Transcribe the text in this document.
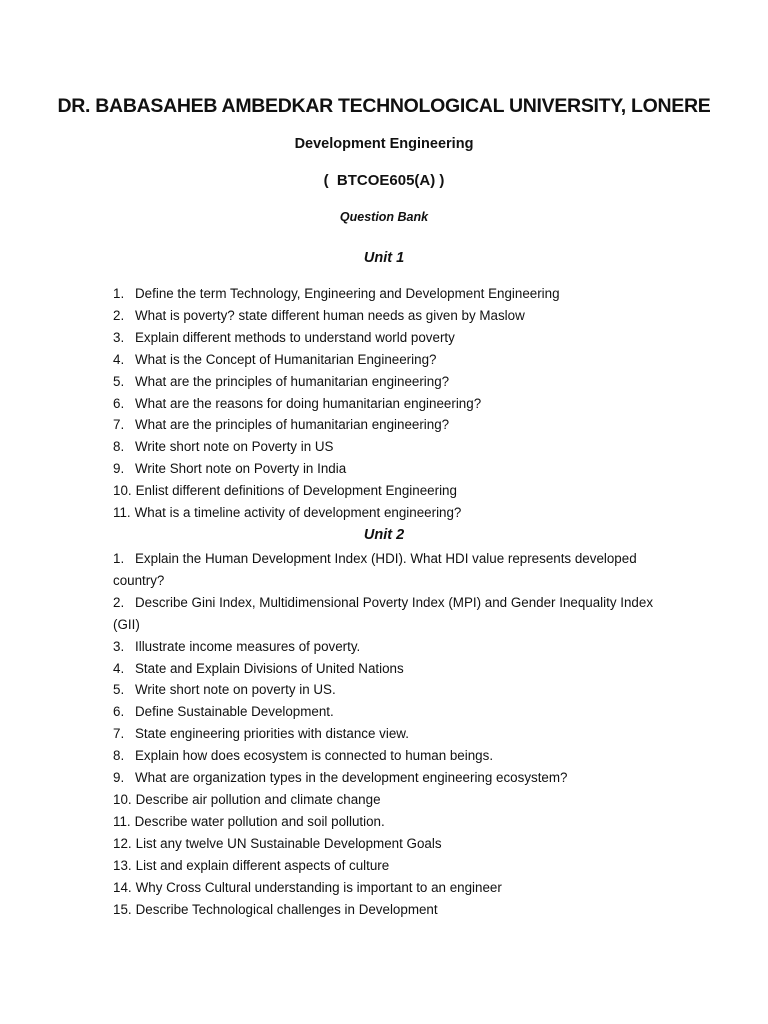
DR. BABASAHEB AMBEDKAR TECHNOLOGICAL UNIVERSITY, LONERE
Development Engineering
(  BTCOE605(A) )
Question Bank
Unit 1
1. Define the term Technology, Engineering and Development Engineering
2. What is poverty? state different human needs as given by Maslow
3. Explain different methods to understand world poverty
4. What is the Concept of Humanitarian Engineering?
5. What are the principles of humanitarian engineering?
6. What are the reasons for doing humanitarian engineering?
7. What are the principles of humanitarian engineering?
8. Write short note on Poverty in US
9. Write Short note on Poverty in India
10. Enlist different definitions of Development Engineering
11. What is a timeline activity of development engineering?
Unit 2
1. Explain the Human Development Index (HDI). What HDI value represents developed country?
2. Describe Gini Index, Multidimensional Poverty Index (MPI) and Gender Inequality Index (GII)
3. Illustrate income measures of poverty.
4. State and Explain Divisions of United Nations
5. Write short note on poverty in US.
6. Define Sustainable Development.
7. State engineering priorities with distance view.
8. Explain how does ecosystem is connected to human beings.
9. What are organization types in the development engineering ecosystem?
10. Describe air pollution and climate change
11. Describe water pollution and soil pollution.
12. List any twelve UN Sustainable Development Goals
13. List and explain different aspects of culture
14. Why Cross Cultural understanding is important to an engineer
15. Describe Technological challenges in Development
